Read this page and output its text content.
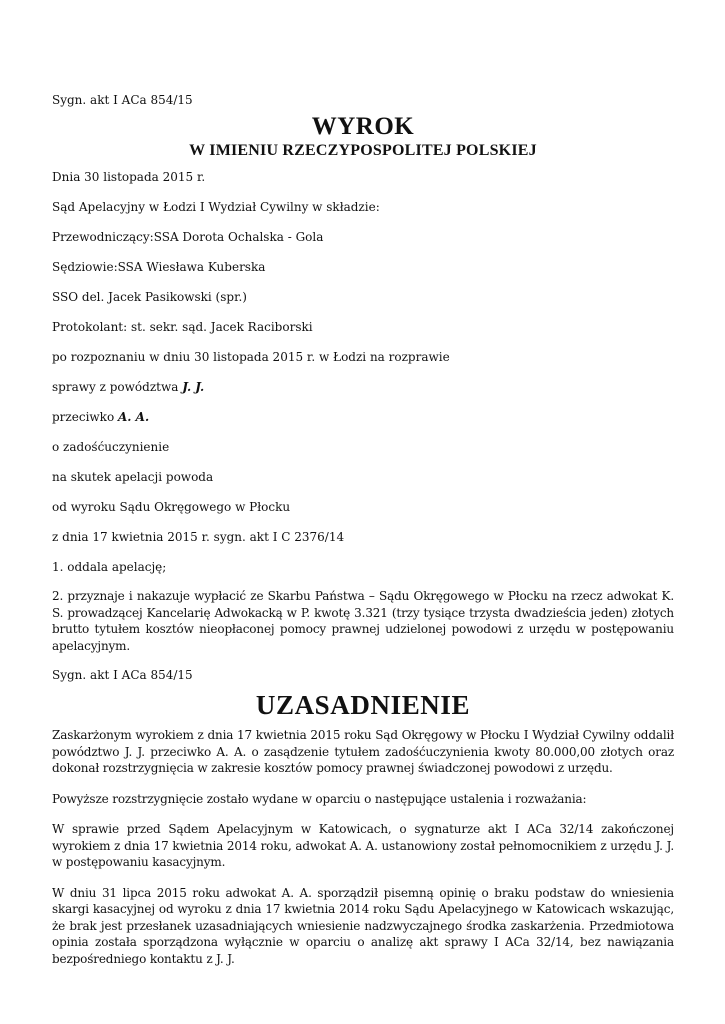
Sygn. akt I ACa 854/15

WYROK
W IMIENIU RZECZYPOSPOLITEJ POLSKIEJ

Dnia 30 listopada 2015 r.

Sąd Apelacyjny w Łodzi I Wydział Cywilny w składzie:

Przewodniczący:SSA Dorota Ochalska - Gola

Sędziowie:SSA Wiesława Kuberska

SSO del. Jacek Pasikowski (spr.)

Protokolant: st. sekr. sąd. Jacek Raciborski

po rozpoznaniu w dniu 30 listopada 2015 r. w Łodzi na rozprawie

sprawy z powództwa J. J.

przeciwko A. A.

o zadośćuczynienie

na skutek apelacji powoda

od wyroku Sądu Okręgowego w Płocku

z dnia 17 kwietnia 2015 r. sygn. akt I C 2376/14

1. oddala apelację;

2. przyznaje i nakazuje wypłacić ze Skarbu Państwa – Sądu Okręgowego w Płocku na rzecz adwokat K. S. prowadzącej Kancelarię Adwokacką w P. kwotę 3.321 (trzy tysiące trzysta dwadzieścia jeden) złotych brutto tytułem kosztów nieopłaconej pomocy prawnej udzielonej powodowi z urzędu w postępowaniu apelacyjnym.

Sygn. akt I ACa 854/15

UZASADNIENIE

Zaskarżonym wyrokiem z dnia 17 kwietnia 2015 roku Sąd Okręgowy w Płocku I Wydział Cywilny oddalił powództwo J. J. przeciwko A. A. o zasądzenie tytułem zadośćuczynienia kwoty 80.000,00 złotych oraz dokonał rozstrzygnięcia w zakresie kosztów pomocy prawnej świadczonej powodowi z urzędu.

Powyższe rozstrzygnięcie zostało wydane w oparciu o następujące ustalenia i rozważania:

W sprawie przed Sądem Apelacyjnym w Katowicach, o sygnaturze akt I ACa 32/14 zakończonej wyrokiem z dnia 17 kwietnia 2014 roku, adwokat A. A. ustanowiony został pełnomocnikiem z urzędu J. J. w postępowaniu kasacyjnym.

W dniu 31 lipca 2015 roku adwokat A. A. sporządził pisemną opinię o braku podstaw do wniesienia skargi kasacyjnej od wyroku z dnia 17 kwietnia 2014 roku Sądu Apelacyjnego w Katowicach wskazując, że brak jest przesłanek uzasadniających wniesienie nadzwyczajnego środka zaskarżenia. Przedmiotowa opinia została sporządzona wyłącznie w oparciu o analizę akt sprawy I ACa 32/14, bez nawiązania bezpośredniego kontaktu z J. J.
